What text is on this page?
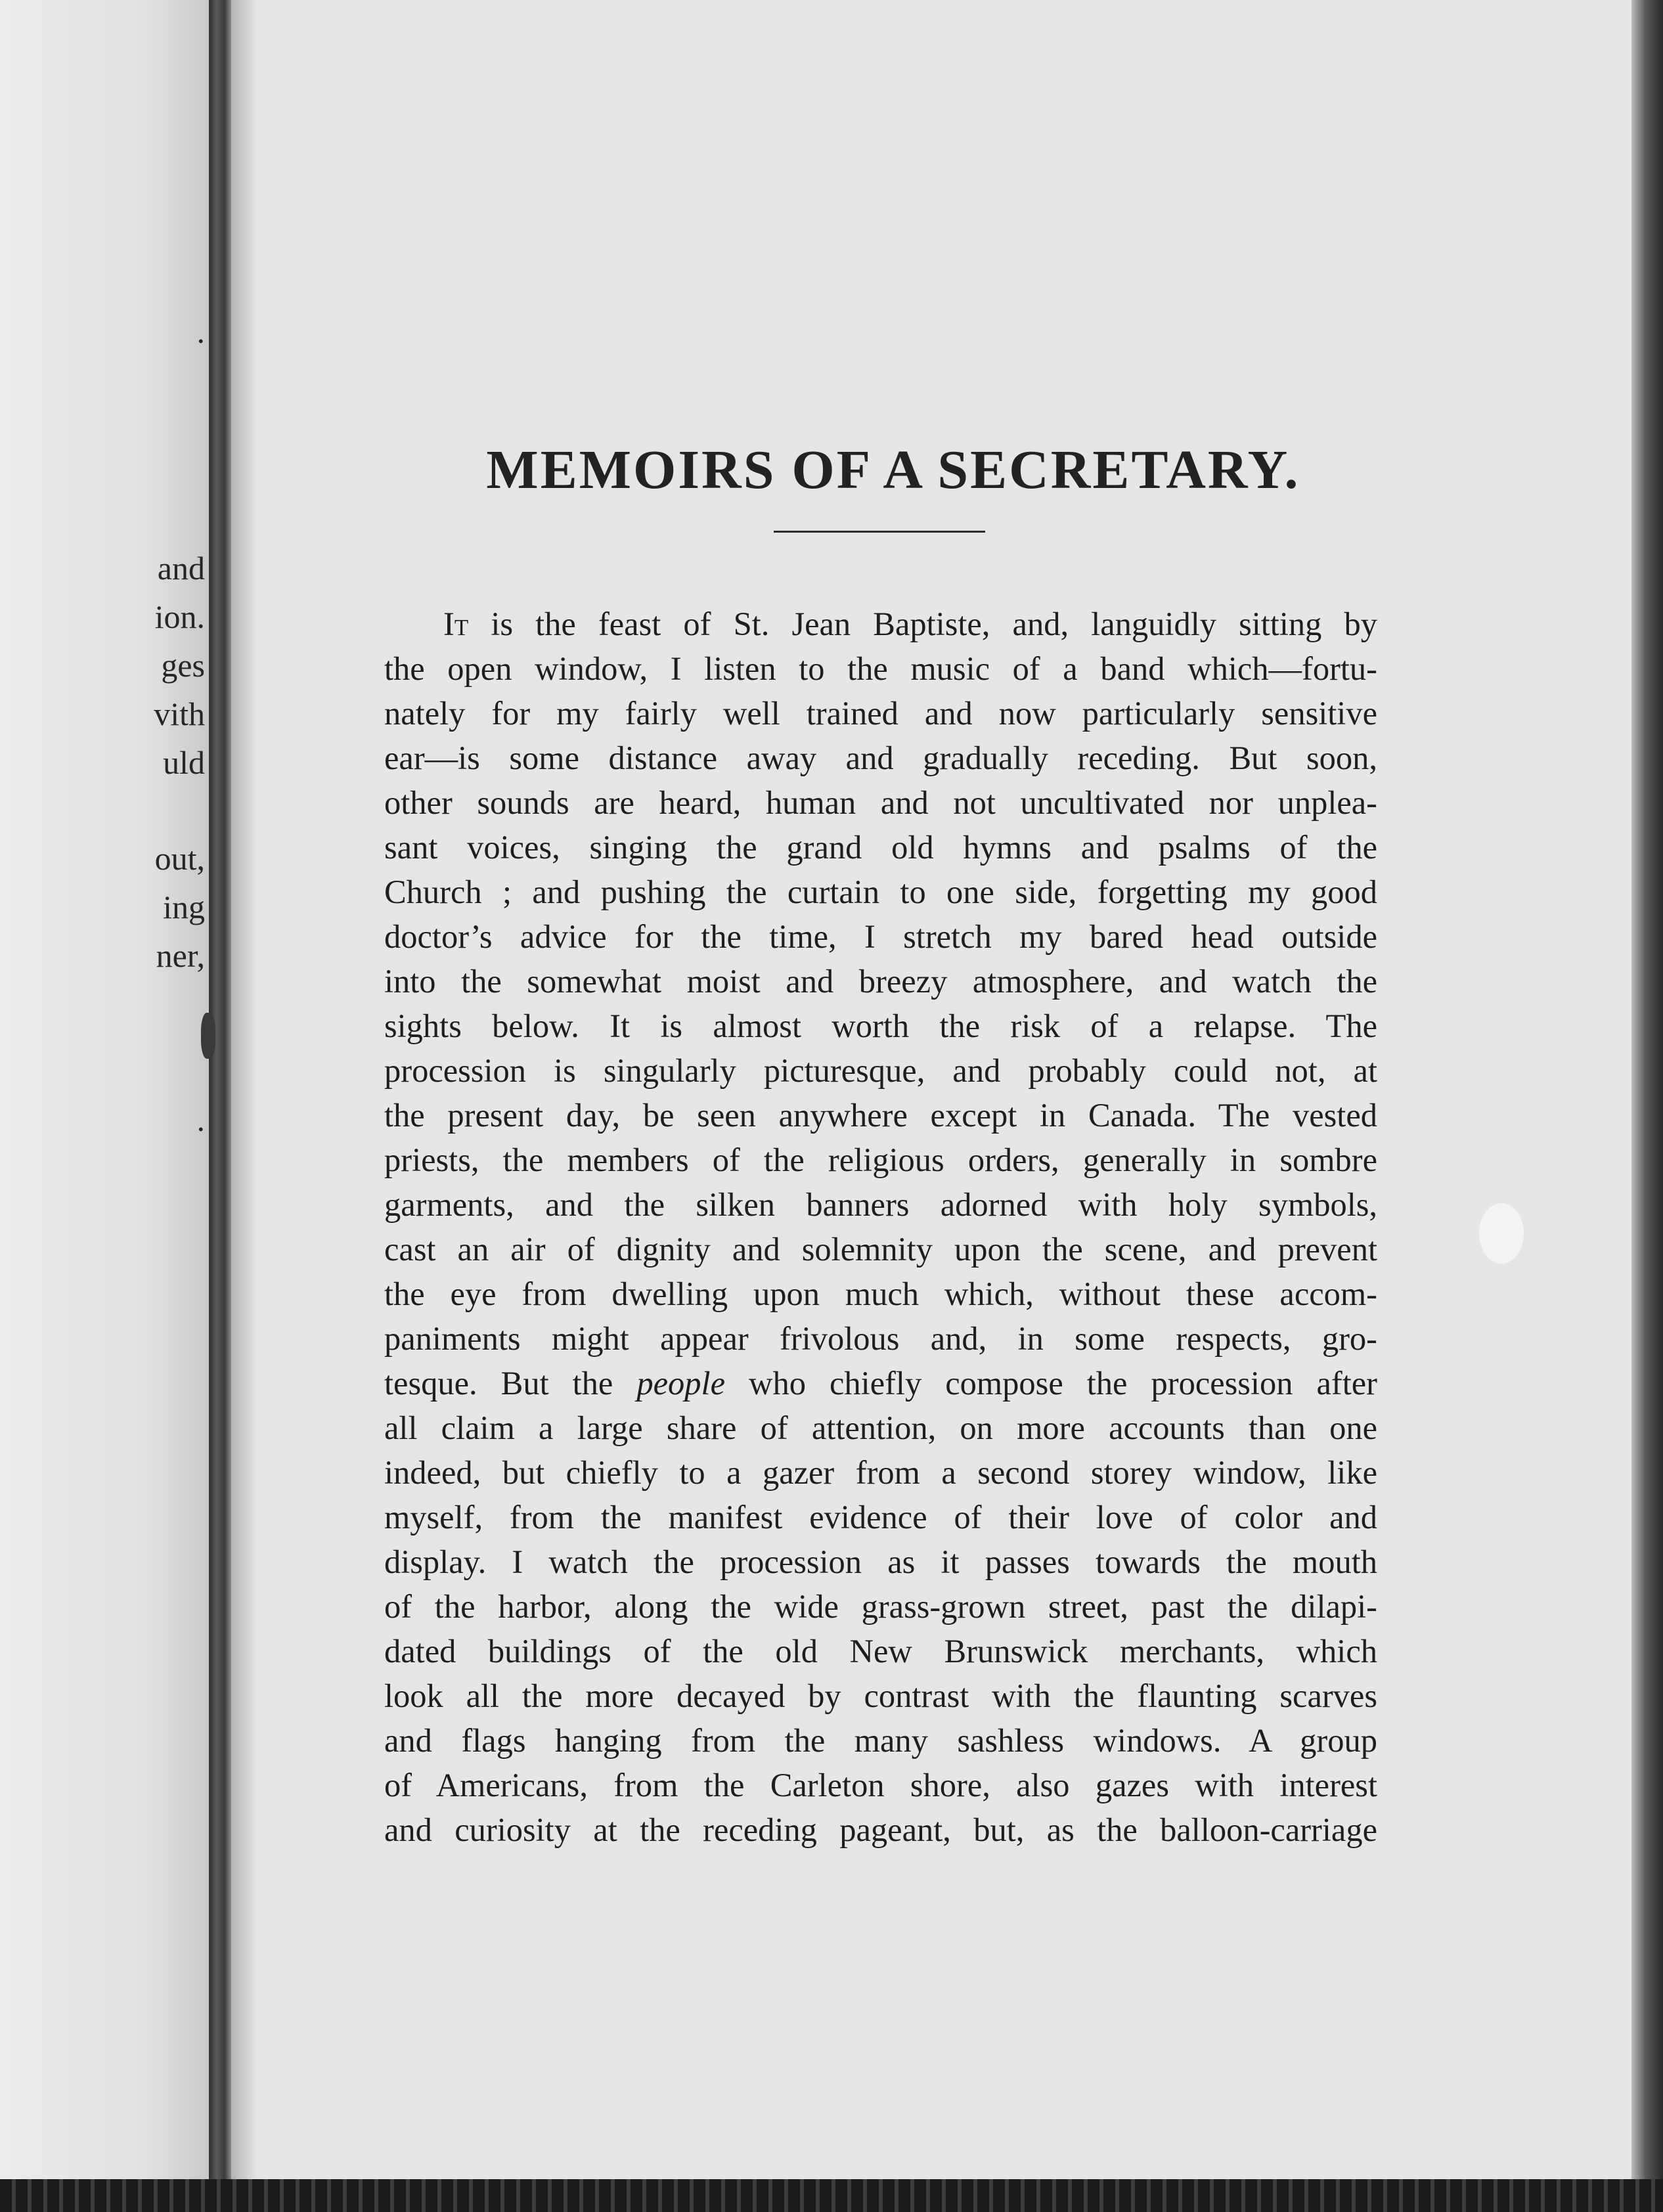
.
and
ion.
ges
vith
uld
out,
ing
ner,
.
MEMOIRS OF A SECRETARY.
It is the feast of St. Jean Baptiste, and, languidly sitting by
the open window, I listen to the music of a band which—fortu-
nately for my fairly well trained and now particularly sensitive
ear—is some distance away and gradually receding. But soon,
other sounds are heard, human and not uncultivated nor unplea-
sant voices, singing the grand old hymns and psalms of the
Church ; and pushing the curtain to one side, forgetting my good
doctor’s advice for the time, I stretch my bared head outside
into the somewhat moist and breezy atmosphere, and watch the
sights below. It is almost worth the risk of a relapse. The
procession is singularly picturesque, and probably could not, at
the present day, be seen anywhere except in Canada. The vested
priests, the members of the religious orders, generally in sombre
garments, and the silken banners adorned with holy symbols,
cast an air of dignity and solemnity upon the scene, and prevent
the eye from dwelling upon much which, without these accom-
paniments might appear frivolous and, in some respects, gro-
tesque. But the people who chiefly compose the procession after
all claim a large share of attention, on more accounts than one
indeed, but chiefly to a gazer from a second storey window, like
myself, from the manifest evidence of their love of color and
display. I watch the procession as it passes towards the mouth
of the harbor, along the wide grass-grown street, past the dilapi-
dated buildings of the old New Brunswick merchants, which
look all the more decayed by contrast with the flaunting scarves
and flags hanging from the many sashless windows. A group
of Americans, from the Carleton shore, also gazes with interest
and curiosity at the receding pageant, but, as the balloon-carriage
